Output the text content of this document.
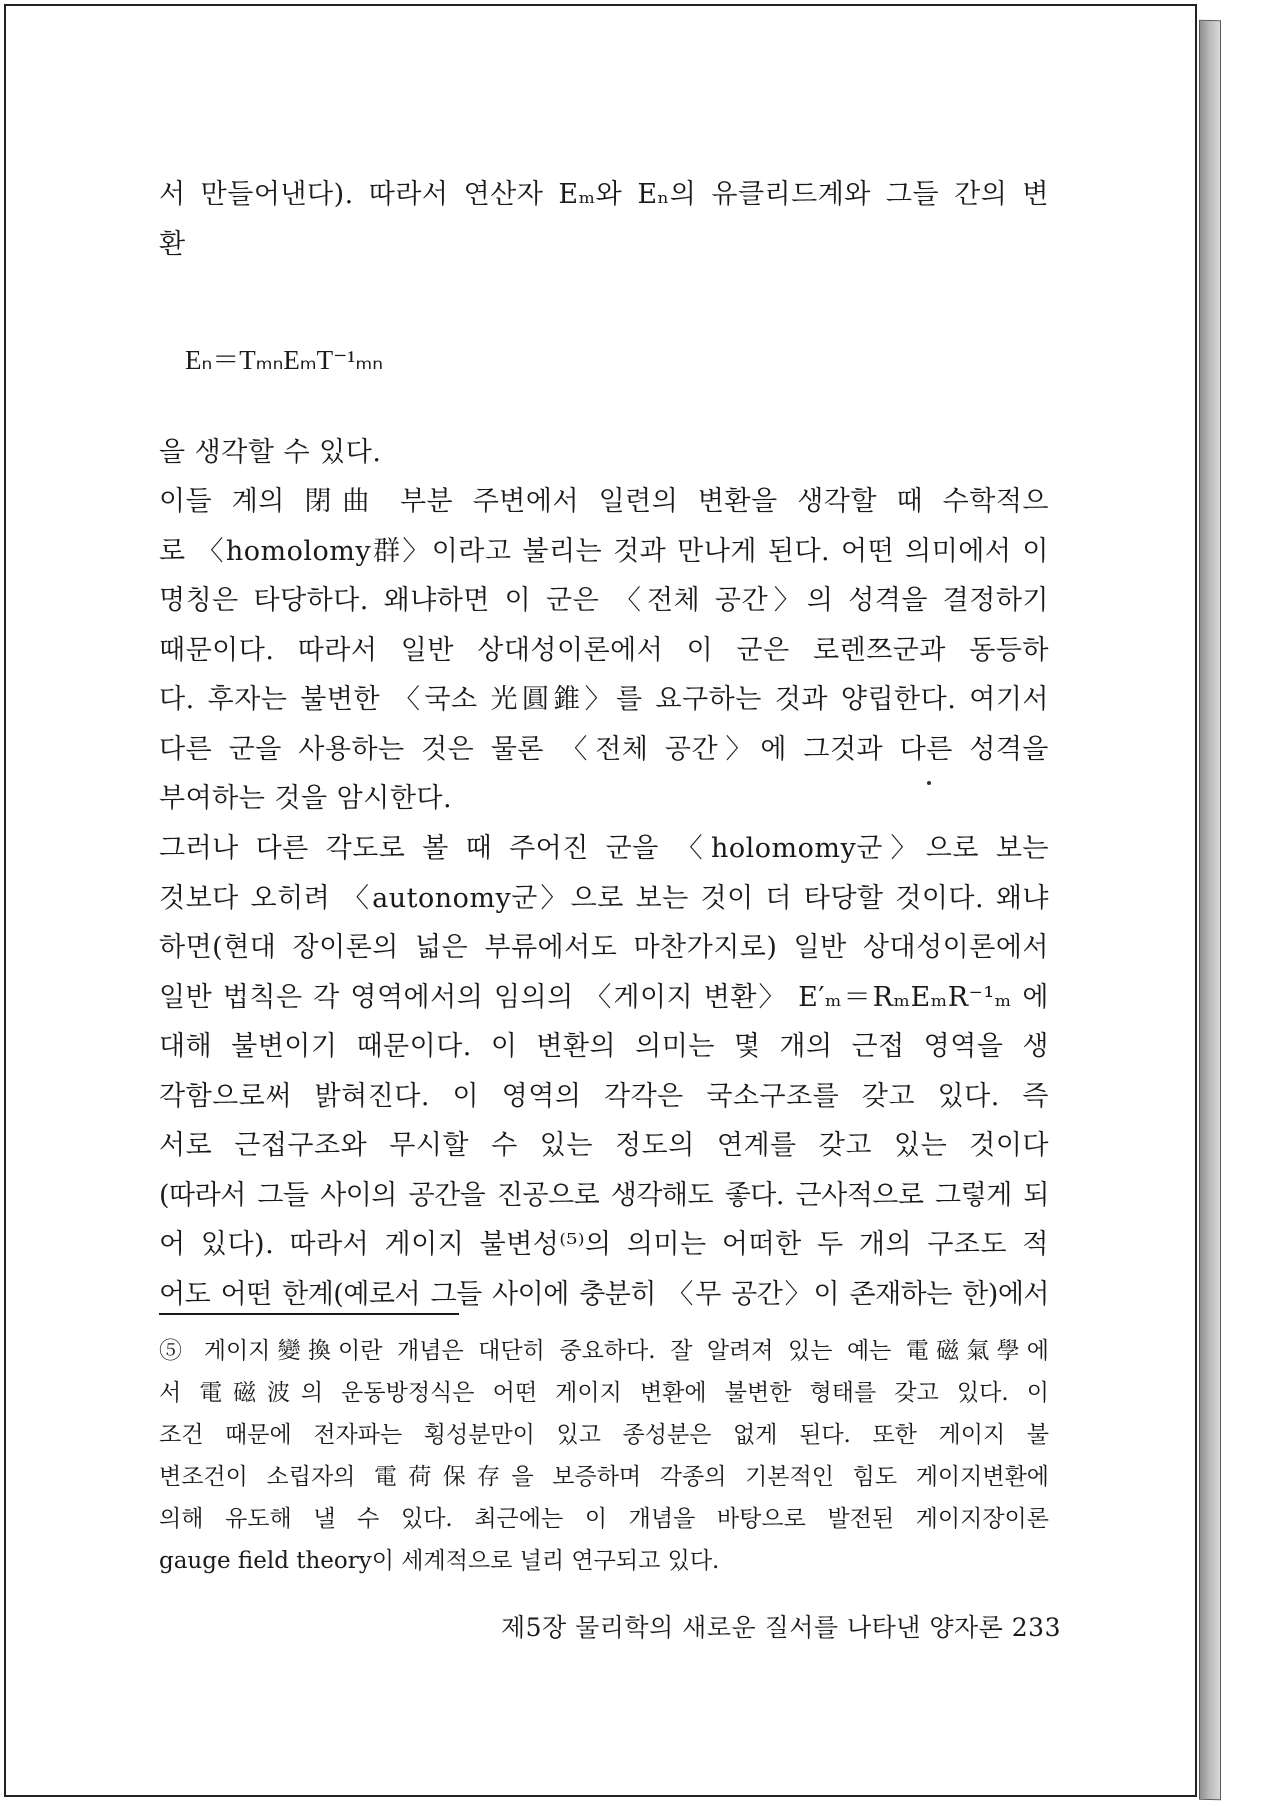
서 만들어낸다). 따라서 연산자 Eₘ와 Eₙ의 유클리드계와 그들 간의 변

환

Eₙ＝TₘₙEₘT⁻¹ₘₙ

을 생각할 수 있다.

이들 계의 閉曲 부분 주변에서 일련의 변환을 생각할 때 수학적으

로 〈homolomy群〉이라고 불리는 것과 만나게 된다. 어떤 의미에서 이

명칭은 타당하다. 왜냐하면 이 군은 〈전체 공간〉의 성격을 결정하기

때문이다. 따라서 일반 상대성이론에서 이 군은 로렌쯔군과 동등하

다. 후자는 불변한 〈국소 光圓錐〉를 요구하는 것과 양립한다. 여기서

다른 군을 사용하는 것은 물론 〈전체 공간〉에 그것과 다른 성격을

부여하는 것을 암시한다.

그러나 다른 각도로 볼 때 주어진 군을 〈holomomy군〉으로 보는

것보다 오히려 〈autonomy군〉으로 보는 것이 더 타당할 것이다. 왜냐

하면(현대 장이론의 넓은 부류에서도 마찬가지로) 일반 상대성이론에서

일반 법칙은 각 영역에서의 임의의 〈게이지 변환〉 E′ₘ＝RₘEₘR⁻¹ₘ 에

대해 불변이기 때문이다. 이 변환의 의미는 몇 개의 근접 영역을 생

각함으로써 밝혀진다. 이 영역의 각각은 국소구조를 갖고 있다. 즉

서로 근접구조와 무시할 수 있는 정도의 연계를 갖고 있는 것이다

(따라서 그들 사이의 공간을 진공으로 생각해도 좋다. 근사적으로 그렇게 되

어 있다). 따라서 게이지 불변성⁽⁵⁾의 의미는 어떠한 두 개의 구조도 적

어도 어떤 한계(예로서 그들 사이에 충분히 〈무 공간〉이 존재하는 한)에서

⑤ 게이지變換이란 개념은 대단히 중요하다. 잘 알려져 있는 예는 電磁氣學에

서 電磁波의 운동방정식은 어떤 게이지 변환에 불변한 형태를 갖고 있다. 이

조건 때문에 전자파는 횡성분만이 있고 종성분은 없게 된다. 또한 게이지 불

변조건이 소립자의 電荷保存을 보증하며 각종의 기본적인 힘도 게이지변환에

의해 유도해 낼 수 있다. 최근에는 이 개념을 바탕으로 발전된 게이지장이론

gauge field theory이 세계적으로 널리 연구되고 있다.

제5장 물리학의 새로운 질서를 나타낸 양자론 233
